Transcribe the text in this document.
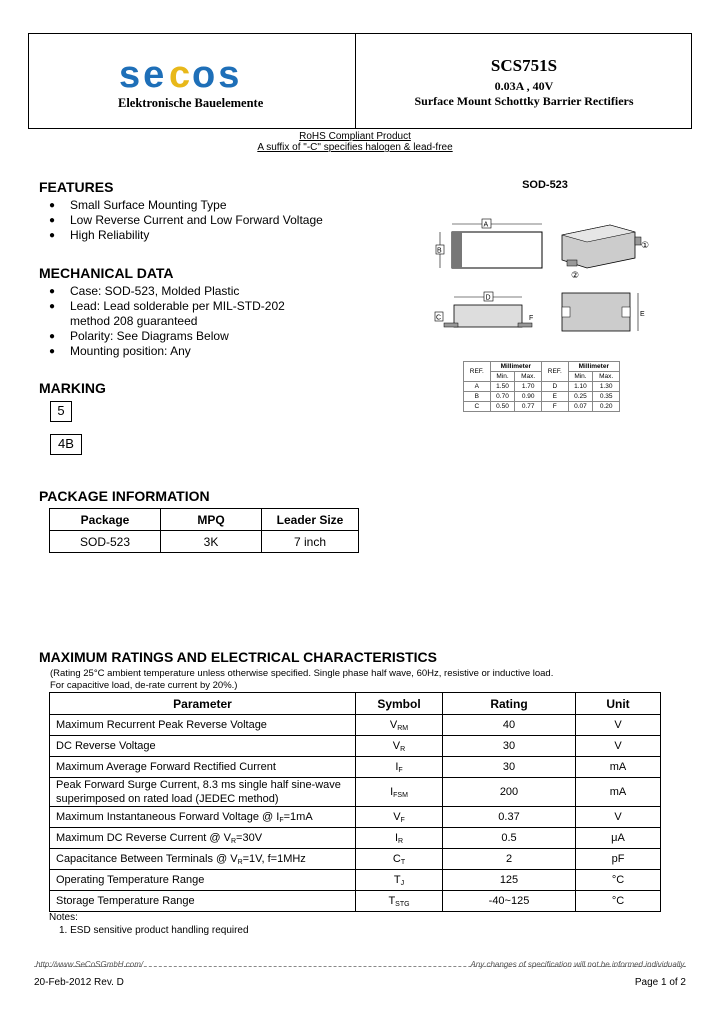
se c
os
Elektronische Bauelemente
SCS751S
0.03A , 40V
Surface Mount Schottky Barrier Rectifiers
RoHS Compliant Product
A suffix of "-C" specifies halogen & lead-free
FEATURES
● Small Surface Mounting Type
● Low Reverse Current and Low Forward Voltage
● High Reliability
MECHANICAL DATA
● Case: SOD-523, Molded Plastic
● Lead: Lead solderable per MIL-STD-202
method 208 guaranteed
● Polarity: See Diagrams Below
● Mounting position: Any
MARKING
5
4B
PACKAGE INFORMATION
Package	MPQ	Leader Size
SOD-523	3K	7 inch
SOD-523
A
B	①
②
D
C	F
E
REF.	Millimeter		REF.	Millimeter	
	Min.	Max.		Min.	Max.
A	1.50	1.70	D	1.10	1.30
B	0.70	0.90	E	0.25	0.35
C	0.50	0.77	F	0.07	0.20
MAXIMUM RATINGS AND ELECTRICAL CHARACTERISTICS
(Rating 25°C ambient temperature unless otherwise specified. Single phase half wave, 60Hz, resistive or inductive load.
For capacitive load, de-rate current by 20%.)
Parameter	Symbol	Rating	Unit
Maximum Recurrent Peak Reverse Voltage	$V_{RM}$	40	V
DC Reverse Voltage	$V_R$	30	V
Maximum Average Forward Rectified Current	$I_F$	30	mA
Peak Forward Surge Current, 8.3 ms single half sine-wave superimposed on rated load (JEDEC method)	$I_{FSM}$	200	mA
Maximum Instantaneous Forward Voltage @ $I_F=1mA$	$V_F$	0.37	V
Maximum DC Reverse Current @ $V_R=30V$	$I_R$	0.5	μA
Capacitance Between Terminals @ $V_R=1V$, f=1MHz	$C_T$	2	pF
Operating Temperature Range	$T_J$	125	°C
Storage Temperature Range	$T_{STG}$	-40~125	°C
Notes:
1. ESD sensitive product handling required
http://www.SeCoSGmbH.com/	Any changes of specification will not be informed individually.
20-Feb-2012 Rev. D	Page 1 of 2
